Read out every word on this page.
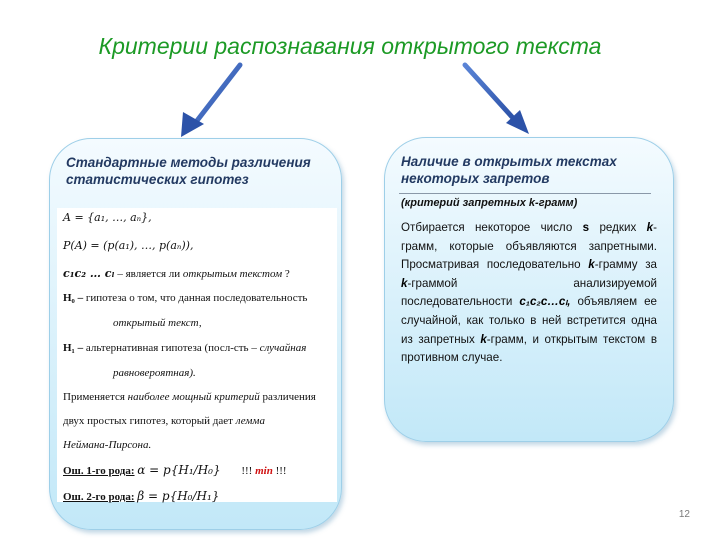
Критерии распознавания открытого текста
Стандартные методы различения статистических гипотез
A = {a₁, …, aₙ},
P(A) = (p(a₁), …, p(aₙ)),
c₁c₂ … cₗ – является ли открытым текстом ?
H₀ – гипотеза о том, что данная последовательность
открытый текст,
H₁ – альтернативная гипотеза (посл-сть – случайная
равновероятная).
Применяется наиболее мощный критерий различения
двух простых гипотез, который дает лемма
Неймана-Пирсона.
Ош. 1-го рода: α = p{H₁/H₀} !!! min !!!
Ош. 2-го рода: β = p{H₀/H₁}
Наличие в открытых текстах некоторых запретов
(критерий запретных k-грамм)
Отбирается некоторое число s редких k-грамм, которые объявляются запретными. Просматривая последовательно k-грамму за k-граммой анализируемой последовательности c₁c₂c…cₗ, объявляем ее случайной, как только в ней встретится одна из запретных k-грамм, и открытым текстом в противном случае.
12
